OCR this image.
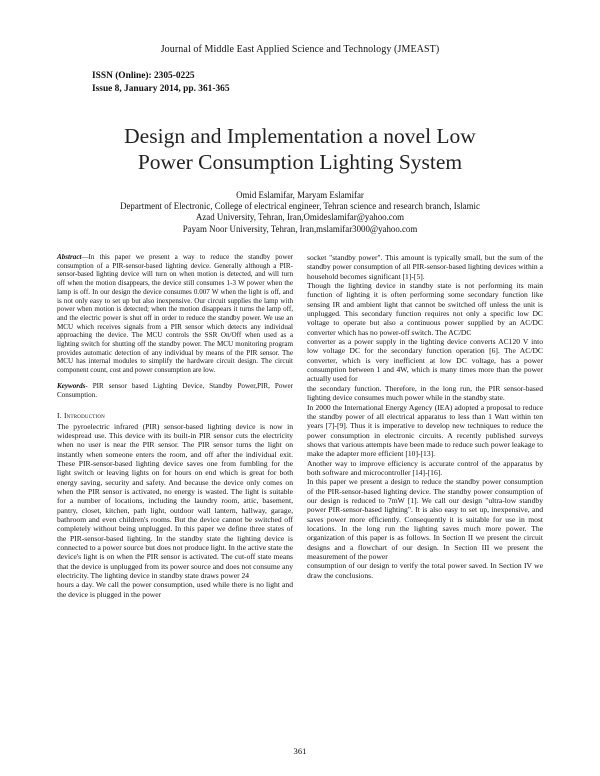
Journal of Middle East Applied Science and Technology (JMEAST)
ISSN (Online): 2305-0225
Issue 8, January 2014, pp. 361-365
Design and Implementation a novel Low
Power Consumption Lighting System
Omid Eslamifar, Maryam Eslamifar
Department of Electronic, College of electrical engineer, Tehran science and research branch, Islamic
Azad University, Tehran, Iran,Omideslamifar@yahoo.com
Payam Noor University, Tehran, Iran,mslamifar3000@yahoo.com

Abstract—In this paper we present a way to reduce the standby power consumption of a PIR-sensor-based lighting device. Generally although a PIR-sensor-based lighting device will turn on when motion is detected, and will turn off when the motion disappears, the device still consumes 1-3 W power when the lamp is off. In our design the device consumes 0.007 W when the light is off, and is not only easy to set up but also inexpensive. Our circuit supplies the lamp with power when motion is detected; when the motion disappears it turns the lamp off, and the electric power is shut off in order to reduce the standby power. We use an MCU which receives signals from a PIR sensor which detects any individual approaching the device. The MCU controls the SSR On/Off when used as a lighting switch for shutting off the standby power. The MCU monitoring program provides automatic detection of any individual by means of the PIR sensor. The MCU has internal modules to simplify the hardware circuit design. The circuit component count, cost and power consumption are low.

Keywords- PIR sensor based Lighting Device, Standby Power,PIR, Power Consumption.

I. Introduction

The pyroelectric infrared (PIR) sensor-based lighting device is now in widespread use. This device with its built-in PIR sensor cuts the electricity when no user is near the PIR sensor. The PIR sensor turns the light on instantly when someone enters the room, and off after the individual exit. These PIR-sensor-based lighting device saves one from fumbling for the light switch or leaving lights on for hours on end which is great for both energy saving, security and safety. And because the device only comes on when the PIR sensor is activated, no energy is wasted. The light is suitable for a number of locations, including the laundry room, attic, basement, pantry, closet, kitchen, path light, outdoor wall lantern, hallway, garage, bathroom and even children's rooms. But the device cannot be switched off completely without being unplugged. In this paper we define three states of the PIR-sensor-based lighting. In the standby state the lighting device is connected to a power source but does not produce light. In the active state the device's light is on when the PIR sensor is activated. The cut-off state means that the device is unplugged from its power source and does not consume any electricity. The lighting device in standby state draws power 24

hours a day. We call the power consumption, used while there is no light and the device is plugged in the power

socket "standby power". This amount is typically small, but the sum of the standby power consumption of all PIR-sensor-based lighting devices within a household becomes significant [1]-[5].

Though the lighting device in standby state is not performing its main function of lighting it is often performing some secondary function like sensing IR and ambient light that cannot be switched off unless the unit is unplugged. This secondary function requires not only a specific low DC voltage to operate but also a continuous power supplied by an AC/DC converter which has no power-off switch. The AC/DC

converter as a power supply in the lighting device converts AC120 V into low voltage DC for the secondary function operation [6]. The AC/DC converter, which is very inefficient at low DC voltage, has a power consumption between 1 and 4W, which is many times more than the power actually used for

the secondary function. Therefore, in the long run, the PIR sensor-based lighting device consumes much power while in the standby state.

In 2000 the International Energy Agency (IEA) adopted a proposal to reduce the standby power of all electrical apparatus to less than 1 Watt within ten years [7]-[9]. Thus it is imperative to develop new techniques to reduce the power consumption in electronic circuits. A recently published surveys shows that various attempts have been made to reduce such power leakage to make the adapter more efficient [10]-[13].

Another way to improve efficiency is accurate control of the apparatus by both software and microcontroller [14]-[16].

In this paper we present a design to reduce the standby power consumption of the PIR-sensor-based lighting device. The standby power consumption of our design is reduced to 7mW [1]. We call our design "ultra-low standby power PIR-sensor-based lighting". It is also easy to set up, inexpensive, and saves power more efficiently. Consequently it is suitable for use in most locations. In the long run the lighting saves much more power. The organization of this paper is as follows. In Section II we present the circuit designs and a flowchart of our design. In Section III we present the measurement of the power

consumption of our design to verify the total power saved. In Section IV we draw the conclusions.

361
